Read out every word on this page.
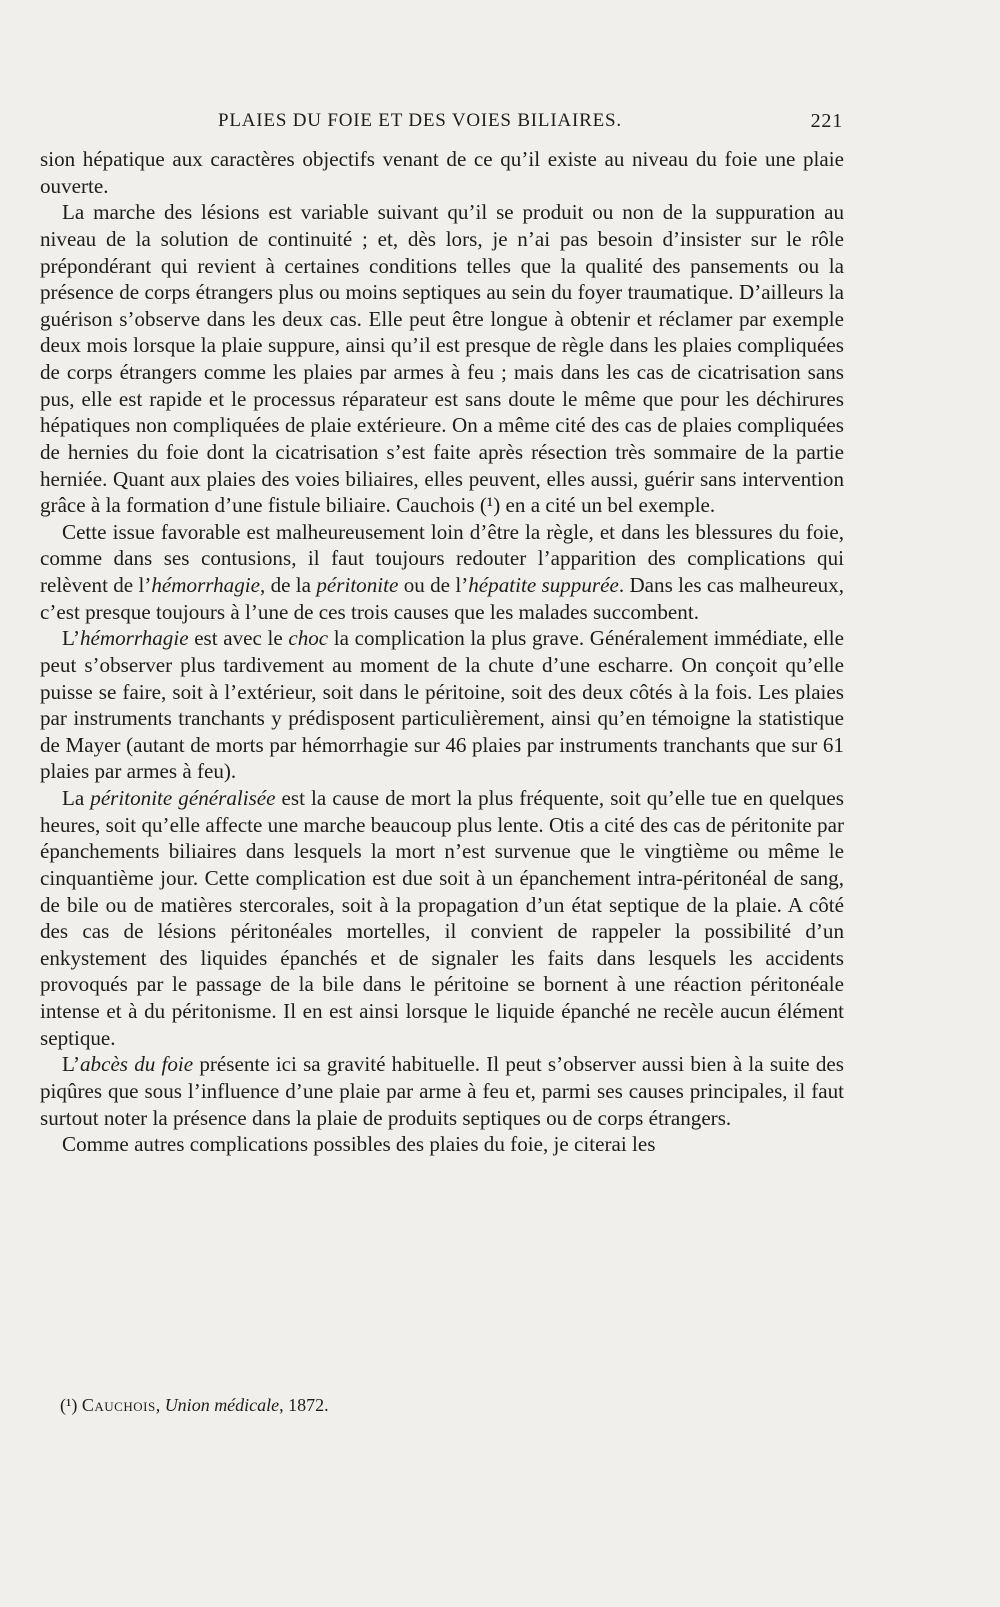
PLAIES DU FOIE ET DES VOIES BILIAIRES.	221

sion hépatique aux caractères objectifs venant de ce qu’il existe au niveau du foie une plaie ouverte.

La marche des lésions est variable suivant qu’il se produit ou non de la suppuration au niveau de la solution de continuité ; et, dès lors, je n’ai pas besoin d’insister sur le rôle prépondérant qui revient à certaines conditions telles que la qualité des pansements ou la présence de corps étrangers plus ou moins septiques au sein du foyer traumatique. D’ailleurs la guérison s’observe dans les deux cas. Elle peut être longue à obtenir et réclamer par exemple deux mois lorsque la plaie suppure, ainsi qu’il est presque de règle dans les plaies compliquées de corps étrangers comme les plaies par armes à feu ; mais dans les cas de cicatrisation sans pus, elle est rapide et le processus réparateur est sans doute le même que pour les déchirures hépatiques non compliquées de plaie extérieure. On a même cité des cas de plaies compliquées de hernies du foie dont la cicatrisation s’est faite après résection très sommaire de la partie herniée. Quant aux plaies des voies biliaires, elles peuvent, elles aussi, guérir sans intervention grâce à la formation d’une fistule biliaire. Cauchois (¹) en a cité un bel exemple.

Cette issue favorable est malheureusement loin d’être la règle, et dans les blessures du foie, comme dans ses contusions, il faut toujours redouter l’apparition des complications qui relèvent de l’hémorrhagie, de la péritonite ou de l’hépatite suppurée. Dans les cas malheureux, c’est presque toujours à l’une de ces trois causes que les malades succombent.

L’hémorrhagie est avec le choc la complication la plus grave. Généralement immédiate, elle peut s’observer plus tardivement au moment de la chute d’une escharre. On conçoit qu’elle puisse se faire, soit à l’extérieur, soit dans le péritoine, soit des deux côtés à la fois. Les plaies par instruments tranchants y prédisposent particulièrement, ainsi qu’en témoigne la statistique de Mayer (autant de morts par hémorrhagie sur 46 plaies par instruments tranchants que sur 61 plaies par armes à feu).

La péritonite généralisée est la cause de mort la plus fréquente, soit qu’elle tue en quelques heures, soit qu’elle affecte une marche beaucoup plus lente. Otis a cité des cas de péritonite par épanchements biliaires dans lesquels la mort n’est survenue que le vingtième ou même le cinquantième jour. Cette complication est due soit à un épanchement intra-péritonéal de sang, de bile ou de matières stercorales, soit à la propagation d’un état septique de la plaie. A côté des cas de lésions péritonéales mortelles, il convient de rappeler la possibilité d’un enkystement des liquides épanchés et de signaler les faits dans lesquels les accidents provoqués par le passage de la bile dans le péritoine se bornent à une réaction péritonéale intense et à du péritonisme. Il en est ainsi lorsque le liquide épanché ne recèle aucun élément septique.

L’abcès du foie présente ici sa gravité habituelle. Il peut s’observer aussi bien à la suite des piqûres que sous l’influence d’une plaie par arme à feu et, parmi ses causes principales, il faut surtout noter la présence dans la plaie de produits septiques ou de corps étrangers.

Comme autres complications possibles des plaies du foie, je citerai les

(¹) Cauchois, Union médicale, 1872.
